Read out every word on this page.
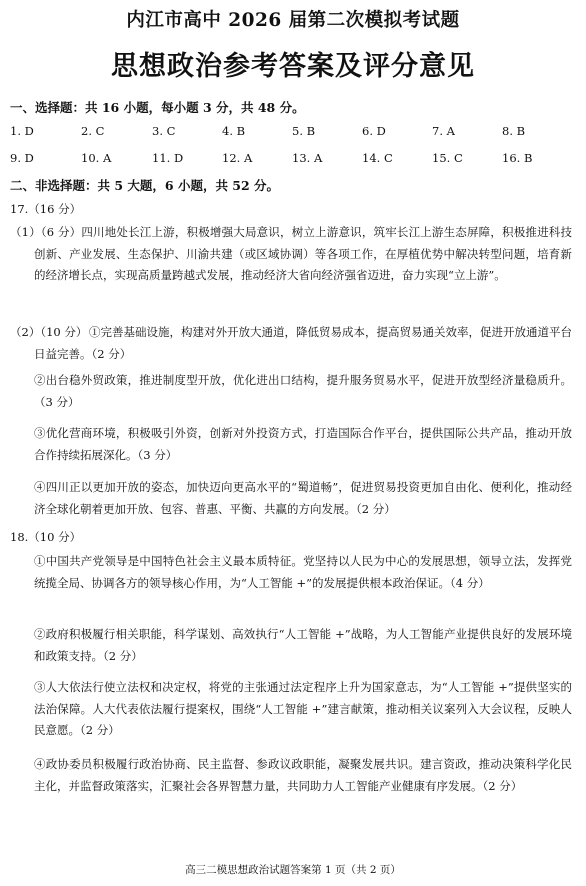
内江市高中 2026 届第二次模拟考试题
思想政治参考答案及评分意见
一、选择题：共 16 小题，每小题 3 分，共 48 分。
1. D	2. C	3. C	4. B	5. B	6. D	7. A	8. B
9. D	10. A	11. D	12. A	13. A	14. C	15. C	16. B
二、非选择题：共 5 大题，6 小题，共 52 分。
17.（16 分）
（1）（6 分）四川地处长江上游，积极增强大局意识，树立上游意识，筑牢长江上游生态屏障，积极推进科技创新、产业发展、生态保护、川渝共建（或区域协调）等各项工作，在厚植优势中解决转型问题，培育新的经济增长点，实现高质量跨越式发展，推动经济大省向经济强省迈进，奋力实现“立上游”。
（2）（10 分） ①完善基础设施，构建对外开放大通道，降低贸易成本，提高贸易通关效率，促进开放通道平台日益完善。（2 分）
②出台稳外贸政策，推进制度型开放，优化进出口结构，提升服务贸易水平，促进开放型经济量稳质升。（3 分）
③优化营商环境，积极吸引外资，创新对外投资方式，打造国际合作平台，提供国际公共产品，推动开放合作持续拓展深化。（3 分）
④四川正以更加开放的姿态，加快迈向更高水平的“蜀道畅”，促进贸易投资更加自由化、便利化，推动经济全球化朝着更加开放、包容、普惠、平衡、共赢的方向发展。（2 分）
18.（10 分）
①中国共产党领导是中国特色社会主义最本质特征。党坚持以人民为中心的发展思想，领导立法，发挥党统揽全局、协调各方的领导核心作用，为“人工智能 +”的发展提供根本政治保证。（4 分）
②政府积极履行相关职能，科学谋划、高效执行“人工智能 +”战略，为人工智能产业提供良好的发展环境和政策支持。（2 分）
③人大依法行使立法权和决定权，将党的主张通过法定程序上升为国家意志，为“人工智能 +”提供坚实的法治保障。人大代表依法履行提案权，围绕“人工智能 +”建言献策，推动相关议案列入大会议程，反映人民意愿。（2 分）
④政协委员积极履行政治协商、民主监督、参政议政职能，凝聚发展共识。建言资政，推动决策科学化民主化，并监督政策落实，汇聚社会各界智慧力量，共同助力人工智能产业健康有序发展。（2 分）
高三二模思想政治试题答案第 1 页（共 2 页）
